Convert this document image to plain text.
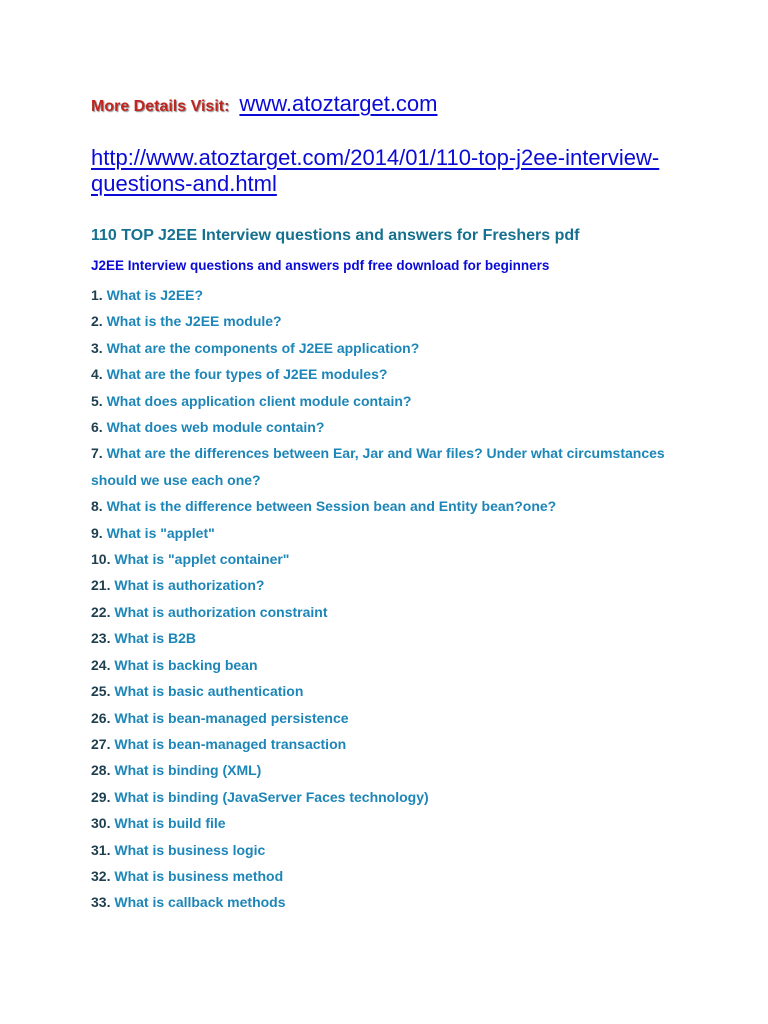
More Details Visit: www.atoztarget.com
http://www.atoztarget.com/2014/01/110-top-j2ee-interview-questions-and.html
110 TOP J2EE Interview questions and answers for Freshers pdf
J2EE Interview questions and answers pdf free download for beginners
1. What is J2EE?
2. What is the J2EE module?
3. What are the components of J2EE application?
4. What are the four types of J2EE modules?
5. What does application client module contain?
6. What does web module contain?
7. What are the differences between Ear, Jar and War files? Under what circumstances should we use each one?
8. What is the difference between Session bean and Entity bean?one?
9. What is "applet"
10. What is "applet container"
21. What is authorization?
22. What is authorization constraint
23. What is B2B
24. What is backing bean
25. What is basic authentication
26. What is bean-managed persistence
27. What is bean-managed transaction
28. What is binding (XML)
29. What is binding (JavaServer Faces technology)
30. What is build file
31. What is business logic
32. What is business method
33. What is callback methods
